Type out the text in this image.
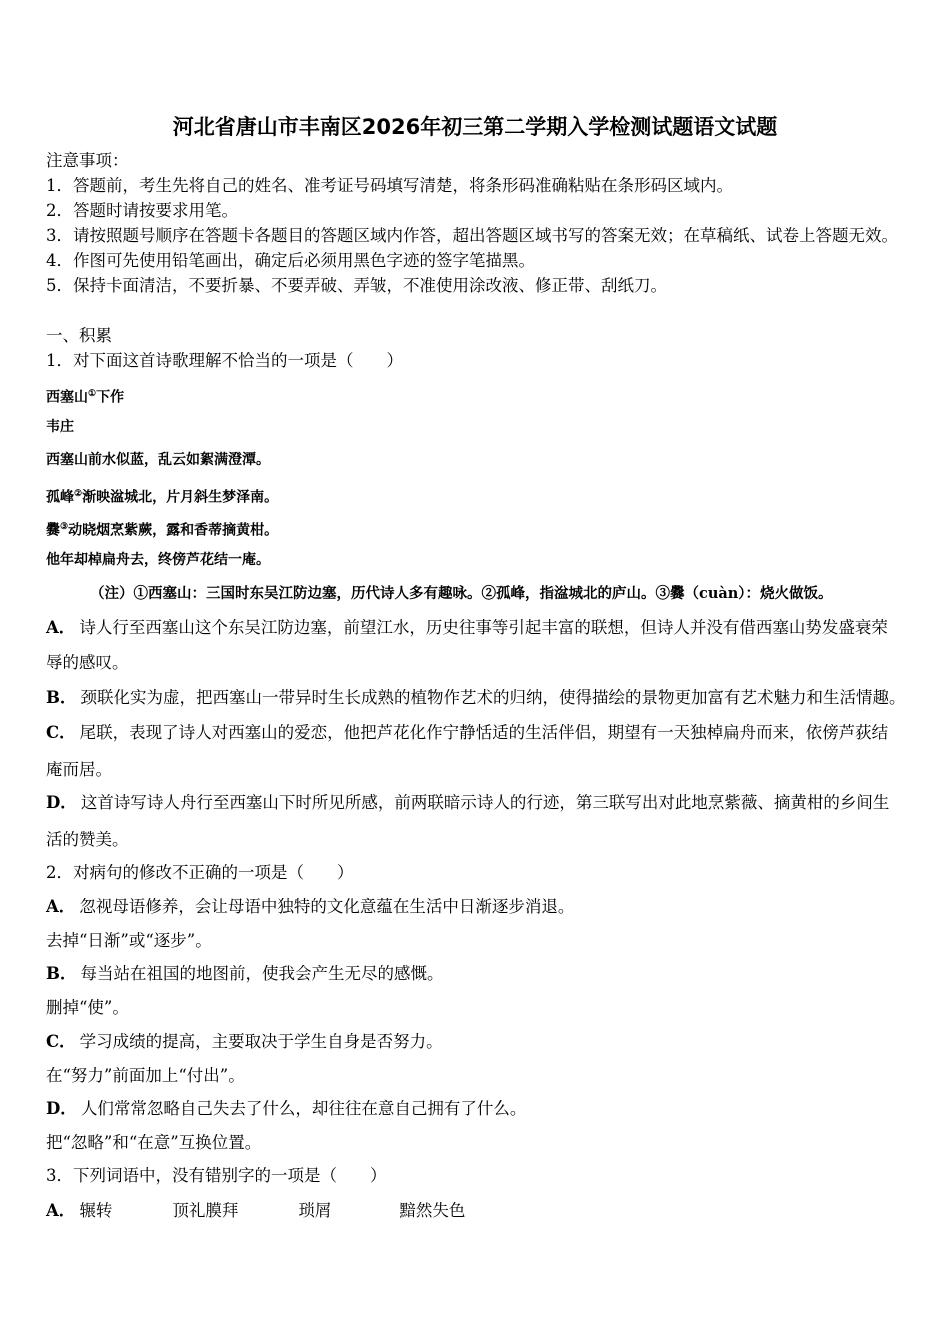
河北省唐山市丰南区2026年初三第二学期入学检测试题语文试题
注意事项：
1．答题前，考生先将自己的姓名、准考证号码填写清楚，将条形码准确粘贴在条形码区域内。
2．答题时请按要求用笔。
3．请按照题号顺序在答题卡各题目的答题区域内作答，超出答题区域书写的答案无效；在草稿纸、试卷上答题无效。
4．作图可先使用铅笔画出，确定后必须用黑色字迹的签字笔描黑。
5．保持卡面清洁，不要折暴、不要弄破、弄皱，不准使用涂改液、修正带、刮纸刀。
一、积累
1．对下面这首诗歌理解不恰当的一项是（　　）
西塞山①下作
韦庄
西塞山前水似蓝，乱云如絮满澄潭。
孤峰②渐映湓城北，片月斜生梦泽南。
爨③动晓烟烹紫蕨，露和香蒂摘黄柑。
他年却棹扁舟去，终傍芦花结一庵。
（注）①西塞山：三国时东吴江防边塞，历代诗人多有趣咏。②孤峰，指湓城北的庐山。③爨（cuàn）：烧火做饭。
A． 诗人行至西塞山这个东吴江防边塞，前望江水，历史往事等引起丰富的联想，但诗人并没有借西塞山势发盛衰荣
辱的感叹。
B． 颈联化实为虚，把西塞山一带异时生长成熟的植物作艺术的归纳，使得描绘的景物更加富有艺术魅力和生活情趣。
C． 尾联，表现了诗人对西塞山的爱恋，他把芦花化作宁静恬适的生活伴侣，期望有一天独棹扁舟而来，依傍芦荻结
庵而居。
D． 这首诗写诗人舟行至西塞山下时所见所感，前两联暗示诗人的行迹，第三联写出对此地烹紫薇、摘黄柑的乡间生
活的赞美。
2．对病句的修改不正确的一项是（　　）
A． 忽视母语修养，会让母语中独特的文化意蕴在生活中日渐逐步消退。
去掉“日渐”或“逐步”。
B． 每当站在祖国的地图前，使我会产生无尽的感慨。
删掉“使”。
C． 学习成绩的提高，主要取决于学生自身是否努力。
在“努力”前面加上“付出”。
D． 人们常常忽略自己失去了什么，却往往在意自己拥有了什么。
把“忽略”和“在意”互换位置。
3．下列词语中，没有错别字的一项是（　　）
A． 辗转	顶礼膜拜	琐屑	黯然失色
